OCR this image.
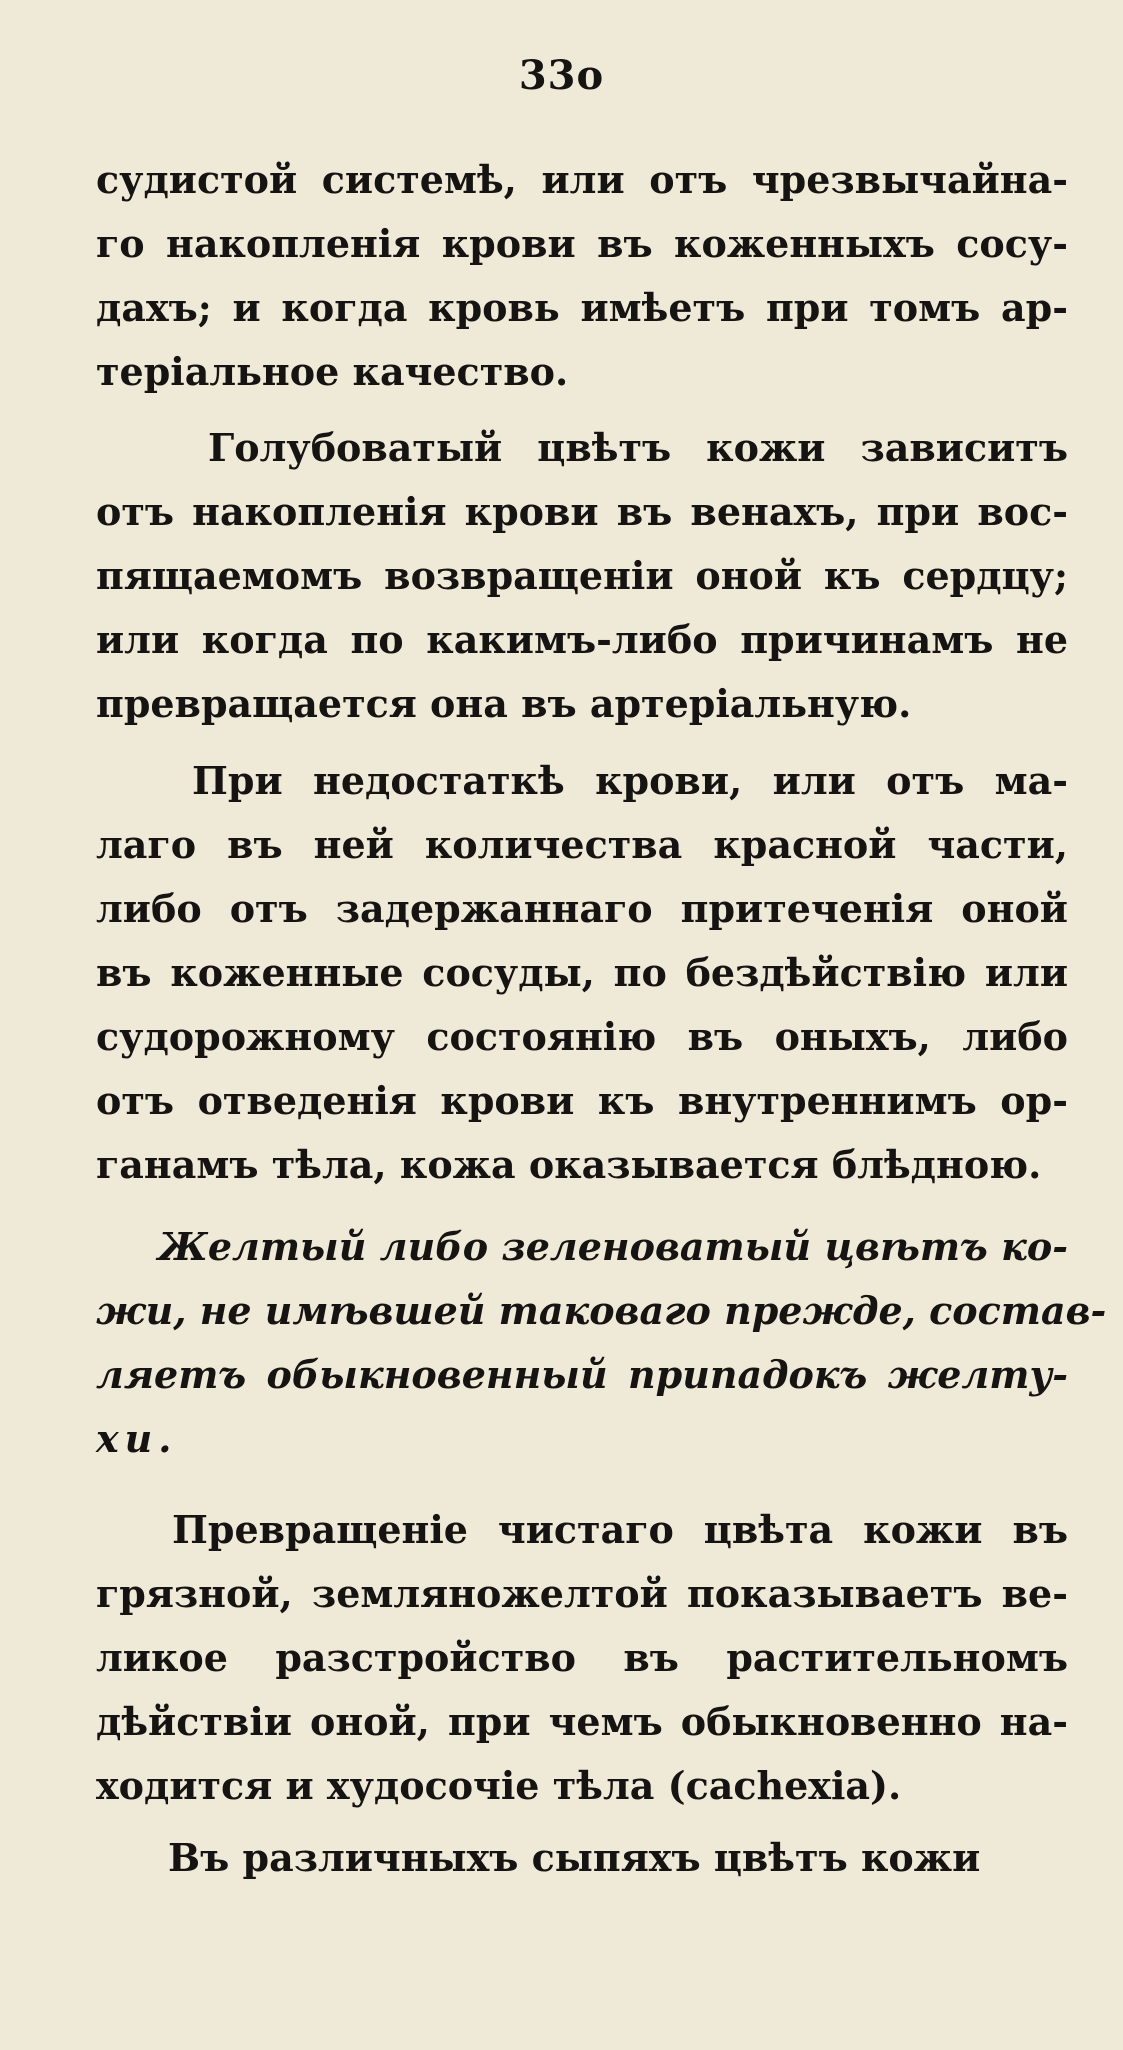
33o
судистой системѣ, или отъ чрезвычайна-
го накопленія крови въ коженныхъ сосу-
дахъ; и когда кровь имѣетъ при томъ ар-
теріальное качество.
Голубоватый цвѣтъ кожи зависитъ
отъ накопленія крови въ венахъ, при вос-
пящаемомъ возвращеніи оной къ сердцу;
или когда по какимъ-либо причинамъ не
превращается она въ артеріальную.
При недостаткѣ крови, или отъ ма-
лаго въ ней количества красной части,
либо отъ задержаннаго притеченія оной
въ коженные сосуды, по бездѣйствію или
судорожному состоянію въ оныхъ, либо
отъ отведенія крови къ внутреннимъ ор-
ганамъ тѣла, кожа оказывается блѣдною.
Желтый либо зеленоватый цвѣтъ ко-
жи, не имѣвшей таковаго прежде, состав-
ляетъ обыкновенный припадокъ желту-
хи.
Превращеніе чистаго цвѣта кожи въ
грязной, земляножелтой показываетъ ве-
ликое разстройство въ растительномъ
дѣйствіи оной, при чемъ обыкновенно на-
ходится и худосочіе тѣла (cachexia).
Въ различныхъ сыпяхъ цвѣтъ кожи
